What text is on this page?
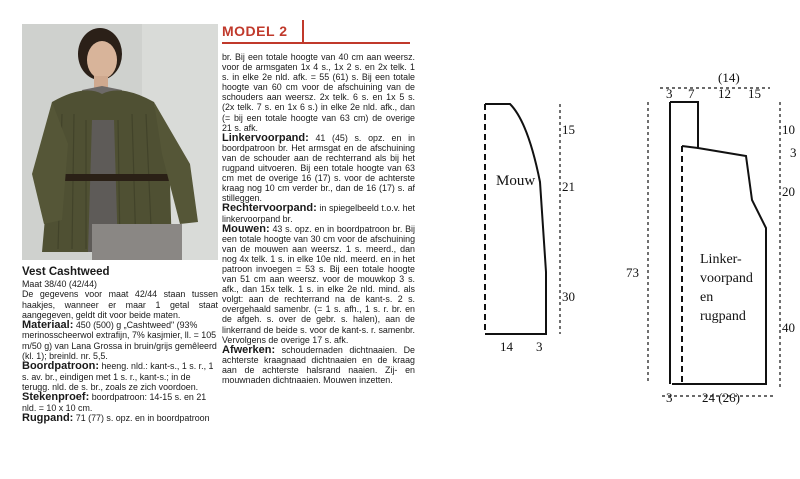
Vest Cashtweed

Maat 38/40 (42/44)

De gegevens voor maat 42/44 staan tussen haakjes, wanneer er maar 1 getal staat aangegeven, geldt dit voor beide maten.

Materiaal: 450 (500) g „Cashtweed" (93% merinosscheerwol extrafijn, 7% kasjmier, ll. = 105 m/50 g) van Lana Grossa in bruin/grijs gemêleerd (kl. 1); breinld. nr. 5,5.

Boordpatroon: heeng. nld.: kant-s., 1 s. r., 1 s. av. br., eindigen met 1 s. r., kant-s.; in de terugg. nld. de s. br., zoals ze zich voordoen.

Stekenproef: boordpatroon: 14-15 s. en 21 nld. = 10 x 10 cm.

Rugpand: 71 (77) s. opz. en in boordpatroon

MODEL 2

br. Bij een totale hoogte van 40 cm aan weersz. voor de armsgaten 1x 4 s., 1x 2 s. en 2x telk. 1 s. in elke 2e nld. afk. = 55 (61) s. Bij een totale hoogte van 60 cm voor de afschuining van de schouders aan weersz. 2x telk. 6 s. en 1x 5 s. (2x telk. 7 s. en 1x 6 s.) in elke 2e nld. afk., dan (= bij een totale hoogte van 63 cm) de overige 21 s. afk.

Linkervoorpand: 41 (45) s. opz. en in boordpatroon br. Het armsgat en de afschuining van de schouder aan de rechterrand als bij het rugpand uitvoeren. Bij een totale hoogte van 63 cm met de overige 16 (17) s. voor de achterste kraag nog 10 cm verder br., dan de 16 (17) s. af stilleggen.

Rechtervoorpand: in spiegelbeeld t.o.v. het linkervoorpand br.

Mouwen: 43 s. opz. en in boordpatroon br. Bij een totale hoogte van 30 cm voor de afschuining van de mouwen aan weersz. 1 s. meerd., dan nog 4x telk. 1 s. in elke 10e nld. meerd. en in het patroon invoegen = 53 s. Bij een totale hoogte van 51 cm aan weersz. voor de mouwkop 3 s. afk., dan 15x telk. 1 s. in elke 2e nld. mind. als volgt: aan de rechterrand na de kant-s. 2 s. overgehaald samenbr. (= 1 s. afh., 1 s. r. br. en de afgeh. s. over de gebr. s. halen), aan de linkerrand de beide s. voor de kant-s. r. samenbr. Vervolgens de overige 17 s. afk.

Afwerken: schoudernaden dichtnaaien. De achterste kraagnaad dichtnaaien en de kraag aan de achterste halsrand naaien. Zij- en mouwnaden dichtnaaien. Mouwen inzetten.

Mouw
15
21
30
14 3
(14)
3 7 12 15
10
3
20
40
73
3 24 (26)
Linker-
voorpand
en
rugpand
